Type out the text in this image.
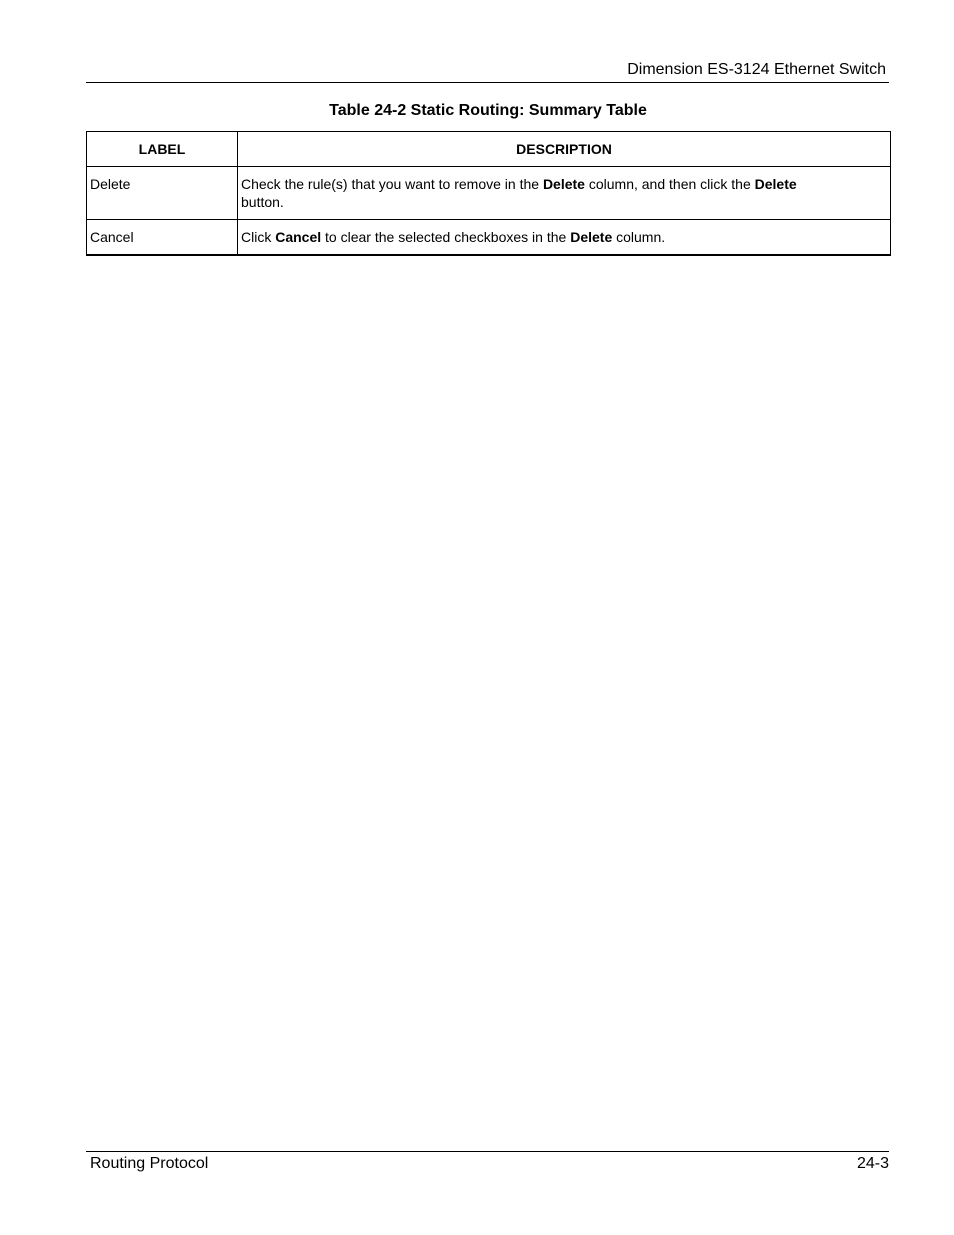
Dimension ES-3124 Ethernet Switch
Table 24-2 Static Routing: Summary Table
LABEL	DESCRIPTION
Delete	Check the rule(s) that you want to remove in the Delete column, and then click the Delete
button.
Cancel	Click Cancel to clear the selected checkboxes in the Delete column.
Routing Protocol	24-3
